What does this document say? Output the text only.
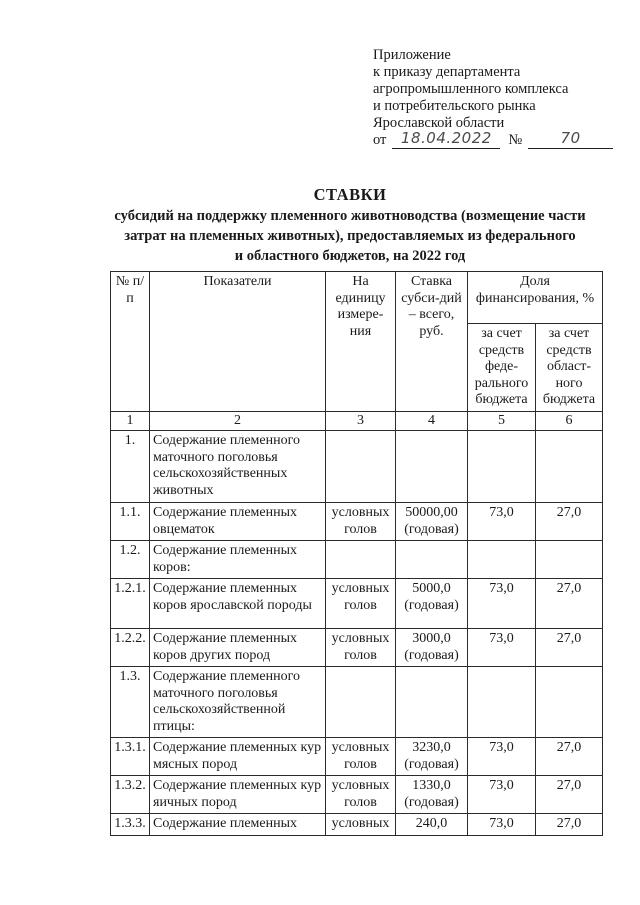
Приложение
к приказу департамента
агропромышленного комплекса
и потребительского рынка
Ярославской области
от 18.04.2022	№	70
СТАВКИ
субсидий на поддержку племенного животноводства (возмещение части
затрат на племенных животных), предоставляемых из федерального
и областного бюджетов, на 2022 год
№ п/п	Показатели	На единицу измере-ния	Ставка субси-дий – всего, руб.	Доля финансирования, %	
				за счет средств феде-рального бюджета	за счет средств област-ного бюджета
1	2	3	4	5	6
1.	Содержание племенного маточного поголовья сельскохозяйственных животных				
1.1.	Содержание племенных овцематок	условных голов	50000,00 (годовая)	73,0	27,0
1.2.	Содержание племенных коров:				
1.2.1.	Содержание племенных коров ярославской породы	условных голов	5000,0 (годовая)	73,0	27,0
1.2.2.	Содержание племенных коров других пород	условных голов	3000,0 (годовая)	73,0	27,0
1.3.	Содержание племенного маточного поголовья сельскохозяйственной птицы:				
1.3.1.	Содержание племенных кур мясных пород	условных голов	3230,0 (годовая)	73,0	27,0
1.3.2.	Содержание племенных кур яичных пород	условных голов	1330,0 (годовая)	73,0	27,0
1.3.3.	Содержание племенных	условных	240,0	73,0	27,0
